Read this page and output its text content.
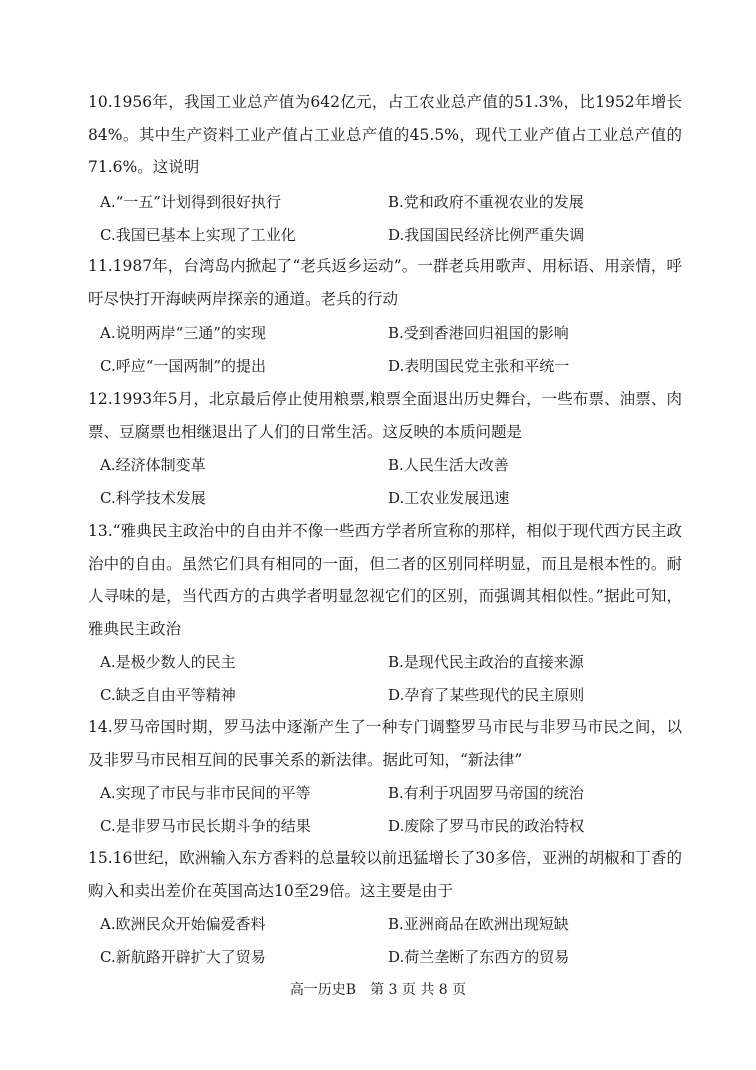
10.1956年，我国工业总产值为642亿元，占工农业总产值的51.3%，比1952年增长84%。其中生产资料工业产值占工业总产值的45.5%，现代工业产值占工业总产值的71.6%。这说明
A.“一五”计划得到很好执行	B.党和政府不重视农业的发展
C.我国已基本上实现了工业化	D.我国国民经济比例严重失调
11.1987年，台湾岛内掀起了“老兵返乡运动”。一群老兵用歌声、用标语、用亲情，呼吁尽快打开海峡两岸探亲的通道。老兵的行动
A.说明两岸“三通”的实现	B.受到香港回归祖国的影响
C.呼应“一国两制”的提出	D.表明国民党主张和平统一
12.1993年5月，北京最后停止使用粮票,粮票全面退出历史舞台，一些布票、油票、肉票、豆腐票也相继退出了人们的日常生活。这反映的本质问题是
A.经济体制变革	B.人民生活大改善
C.科学技术发展	D.工农业发展迅速
13.“雅典民主政治中的自由并不像一些西方学者所宣称的那样，相似于现代西方民主政治中的自由。虽然它们具有相同的一面，但二者的区别同样明显，而且是根本性的。耐人寻味的是，当代西方的古典学者明显忽视它们的区别，而强调其相似性。”据此可知，雅典民主政治
A.是极少数人的民主	B.是现代民主政治的直接来源
C.缺乏自由平等精神	D.孕育了某些现代的民主原则
14.罗马帝国时期，罗马法中逐渐产生了一种专门调整罗马市民与非罗马市民之间，以及非罗马市民相互间的民事关系的新法律。据此可知，“新法律”
A.实现了市民与非市民间的平等	B.有利于巩固罗马帝国的统治
C.是非罗马市民长期斗争的结果	D.废除了罗马市民的政治特权
15.16世纪，欧洲输入东方香料的总量较以前迅猛增长了30多倍，亚洲的胡椒和丁香的购入和卖出差价在英国高达10至29倍。这主要是由于
A.欧洲民众开始偏爱香料	B.亚洲商品在欧洲出现短缺
C.新航路开辟扩大了贸易	D.荷兰垄断了东西方的贸易
高一历史B　第 3 页 共 8 页
